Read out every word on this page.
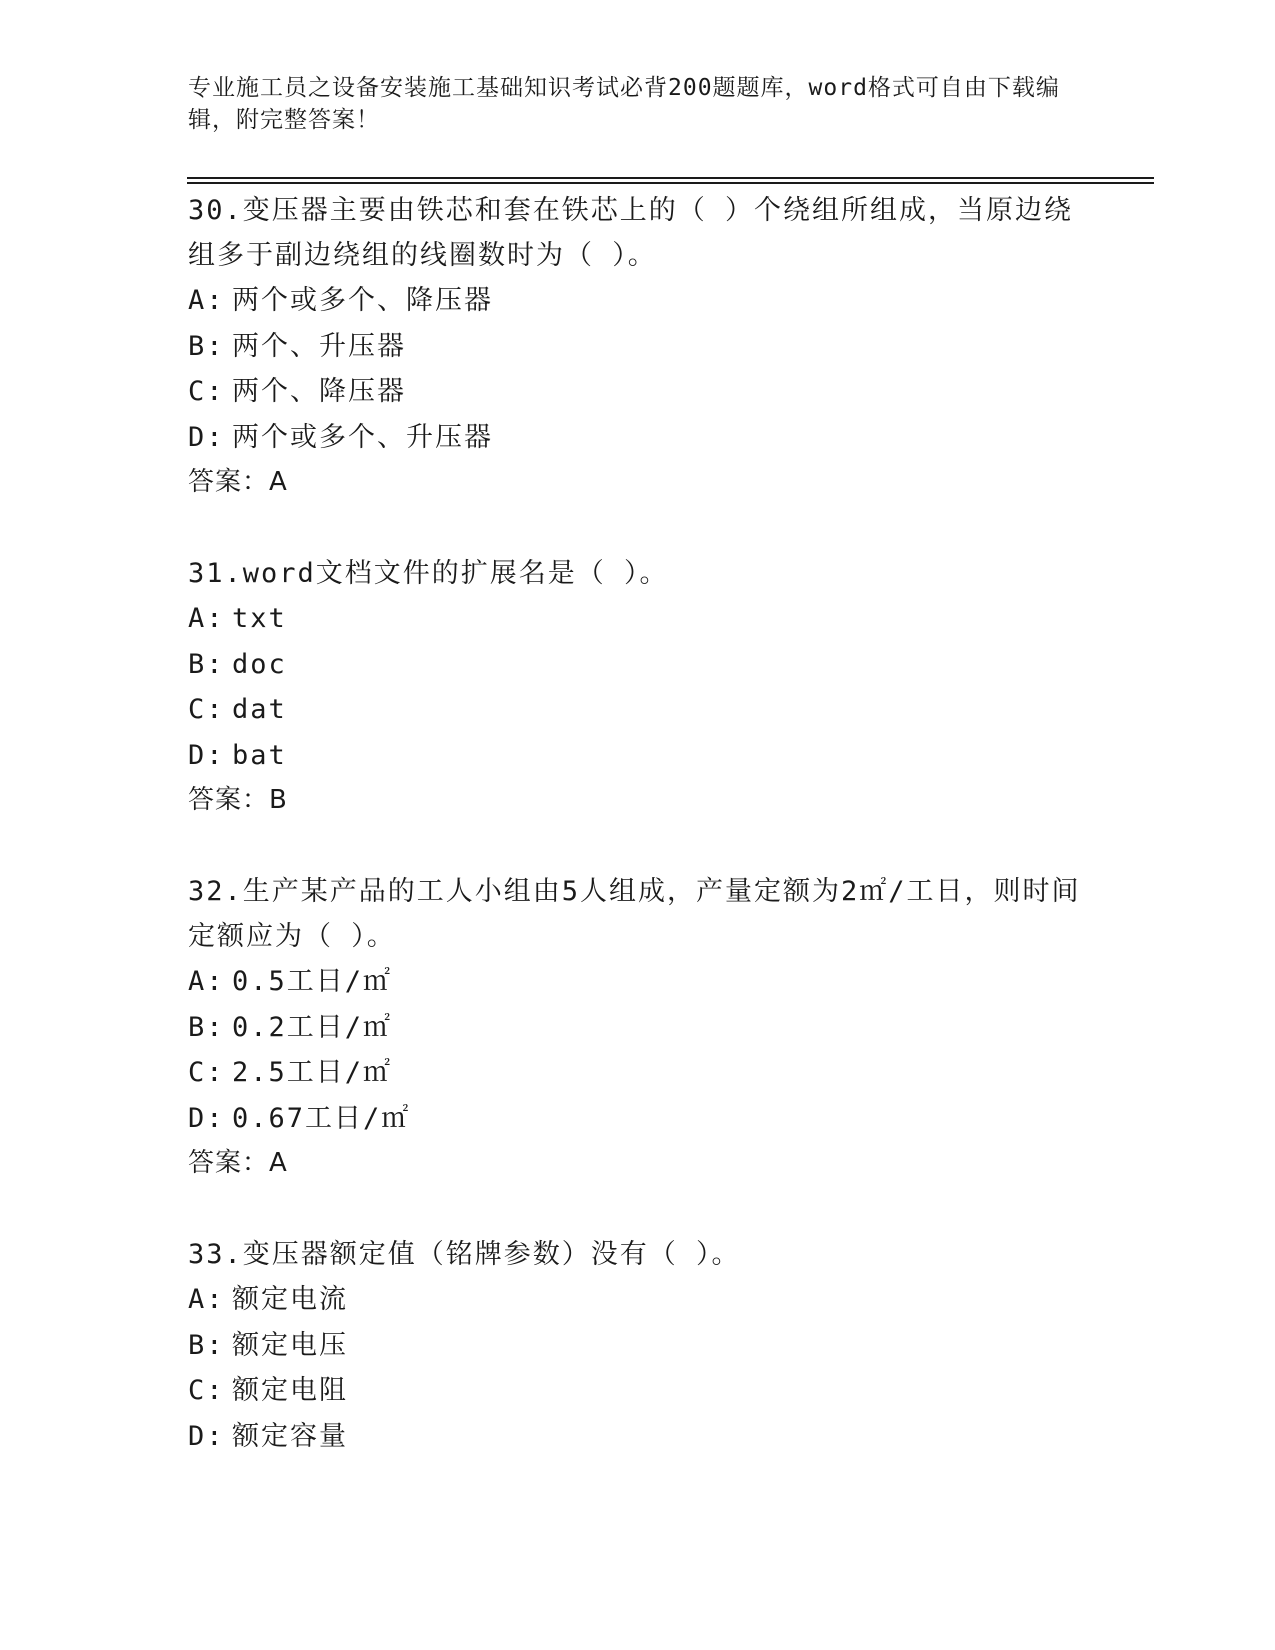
专业施工员之设备安装施工基础知识考试必背200题题库，word格式可自由下载编辑，附完整答案！
30.变压器主要由铁芯和套在铁芯上的（ ）个绕组所组成，当原边绕组多于副边绕组的线圈数时为（ ）。
A: 两个或多个、降压器
B: 两个、升压器
C: 两个、降压器
D: 两个或多个、升压器
答案：A
31.word文档文件的扩展名是（ ）。
A: txt
B: doc
C: dat
D: bat
答案：B
32.生产某产品的工人小组由5人组成，产量定额为2㎡/工日，则时间定额应为（ ）。
A: 0.5工日/㎡
B: 0.2工日/㎡
C: 2.5工日/㎡
D: 0.67工日/㎡
答案：A
33.变压器额定值（铭牌参数）没有（ ）。
A: 额定电流
B: 额定电压
C: 额定电阻
D: 额定容量
